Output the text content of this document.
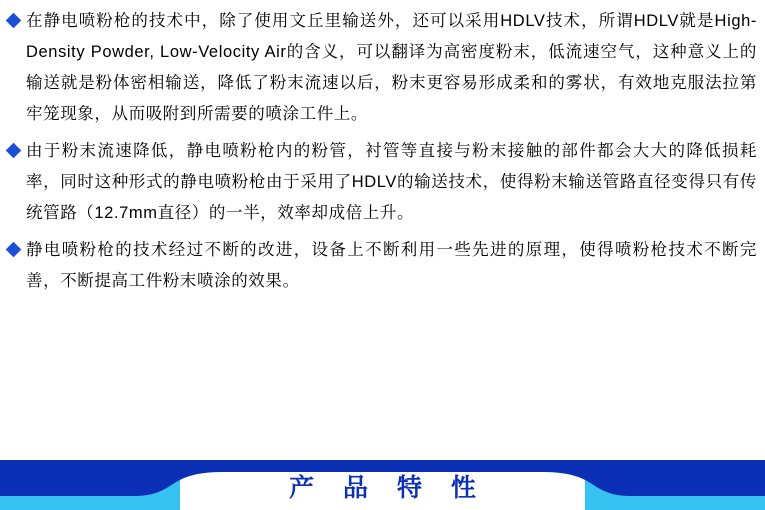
在静电喷粉枪的技术中，除了使用文丘里输送外，还可以采用HDLV技术，所谓HDLV就是High-Density Powder, Low-Velocity Air的含义，可以翻译为高密度粉末，低流速空气，这种意义上的输送就是粉体密相输送，降低了粉末流速以后，粉末更容易形成柔和的雾状，有效地克服法拉第牢笼现象，从而吸附到所需要的喷涂工件上。
由于粉末流速降低，静电喷粉枪内的粉管，衬管等直接与粉末接触的部件都会大大的降低损耗率，同时这种形式的静电喷粉枪由于采用了HDLV的输送技术，使得粉末输送管路直径变得只有传统管路（12.7mm直径）的一半，效率却成倍上升。
静电喷粉枪的技术经过不断的改进，设备上不断利用一些先进的原理，使得喷粉枪技术不断完善，不断提高工件粉末喷涂的效果。
产 品 特 性
